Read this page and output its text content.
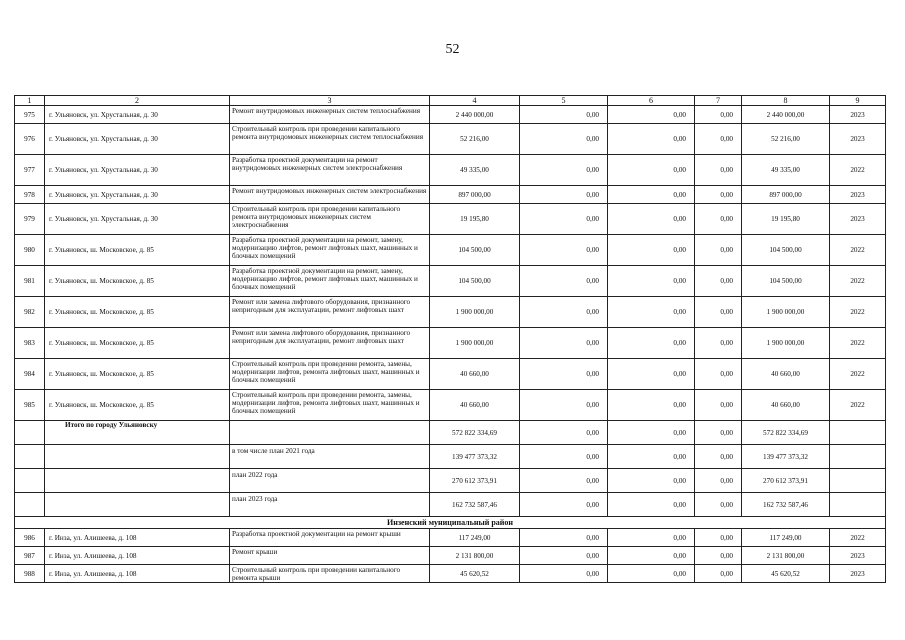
52
1	2	3	4	5	6	7	8	9
975	г. Ульяновск, ул. Хрустальная, д. 30	Ремонт внутридомовых инженерных систем теплоснабжения	2 440 000,00	0,00	0,00	0,00	2 440 000,00	2023
976	г. Ульяновск, ул. Хрустальная, д. 30	Строительный контроль при проведении капитального ремонта внутридомовых инженерных систем теплоснабжения	52 216,00	0,00	0,00	0,00	52 216,00	2023
977	г. Ульяновск, ул. Хрустальная, д. 30	Разработка проектной документации на ремонт внутридомовых инженерных систем электроснабжения	49 335,00	0,00	0,00	0,00	49 335,00	2022
978	г. Ульяновск, ул. Хрустальная, д. 30	Ремонт внутридомовых инженерных систем электроснабжения	897 000,00	0,00	0,00	0,00	897 000,00	2023
979	г. Ульяновск, ул. Хрустальная, д. 30	Строительный контроль при проведении капитального ремонта внутридомовых инженерных систем электроснабжения	19 195,80	0,00	0,00	0,00	19 195,80	2023
980	г. Ульяновск, ш. Московское, д. 85	Разработка проектной документации на ремонт, замену, модернизацию лифтов, ремонт лифтовых шахт, машинных и блочных помещений	104 500,00	0,00	0,00	0,00	104 500,00	2022
981	г. Ульяновск, ш. Московское, д. 85	Разработка проектной документации на ремонт, замену, модернизацию лифтов, ремонт лифтовых шахт, машинных и блочных помещений	104 500,00	0,00	0,00	0,00	104 500,00	2022
982	г. Ульяновск, ш. Московское, д. 85	Ремонт или замена лифтового оборудования, признанного непригодным для эксплуатации, ремонт лифтовых шахт	1 900 000,00	0,00	0,00	0,00	1 900 000,00	2022
983	г. Ульяновск, ш. Московское, д. 85	Ремонт или замена лифтового оборудования, признанного непригодным для эксплуатации, ремонт лифтовых шахт	1 900 000,00	0,00	0,00	0,00	1 900 000,00	2022
984	г. Ульяновск, ш. Московское, д. 85	Строительный контроль при проведении ремонта, замены, модернизации лифтов, ремонта лифтовых шахт, машинных и блочных помещений	40 660,00	0,00	0,00	0,00	40 660,00	2022
985	г. Ульяновск, ш. Московское, д. 85	Строительный контроль при проведении ремонта, замены, модернизации лифтов, ремонта лифтовых шахт, машинных и блочных помещений	40 660,00	0,00	0,00	0,00	40 660,00	2022
	Итого по городу Ульяновску		572 822 334,69	0,00	0,00	0,00	572 822 334,69	
		в том числе план 2021 года	139 477 373,32	0,00	0,00	0,00	139 477 373,32	
		план 2022 года	270 612 373,91	0,00	0,00	0,00	270 612 373,91	
		план 2023 года	162 732 587,46	0,00	0,00	0,00	162 732 587,46	
Инзенский муниципальный район								
986	г. Инза, ул. Алишеева, д. 108	Разработка проектной документации на ремонт крыши	117 249,00	0,00	0,00	0,00	117 249,00	2022
987	г. Инза, ул. Алишеева, д. 108	Ремонт крыши	2 131 800,00	0,00	0,00	0,00	2 131 800,00	2023
988	г. Инза, ул. Алишеева, д. 108	Строительный контроль при проведении капитального ремонта крыши	45 620,52	0,00	0,00	0,00	45 620,52	2023
